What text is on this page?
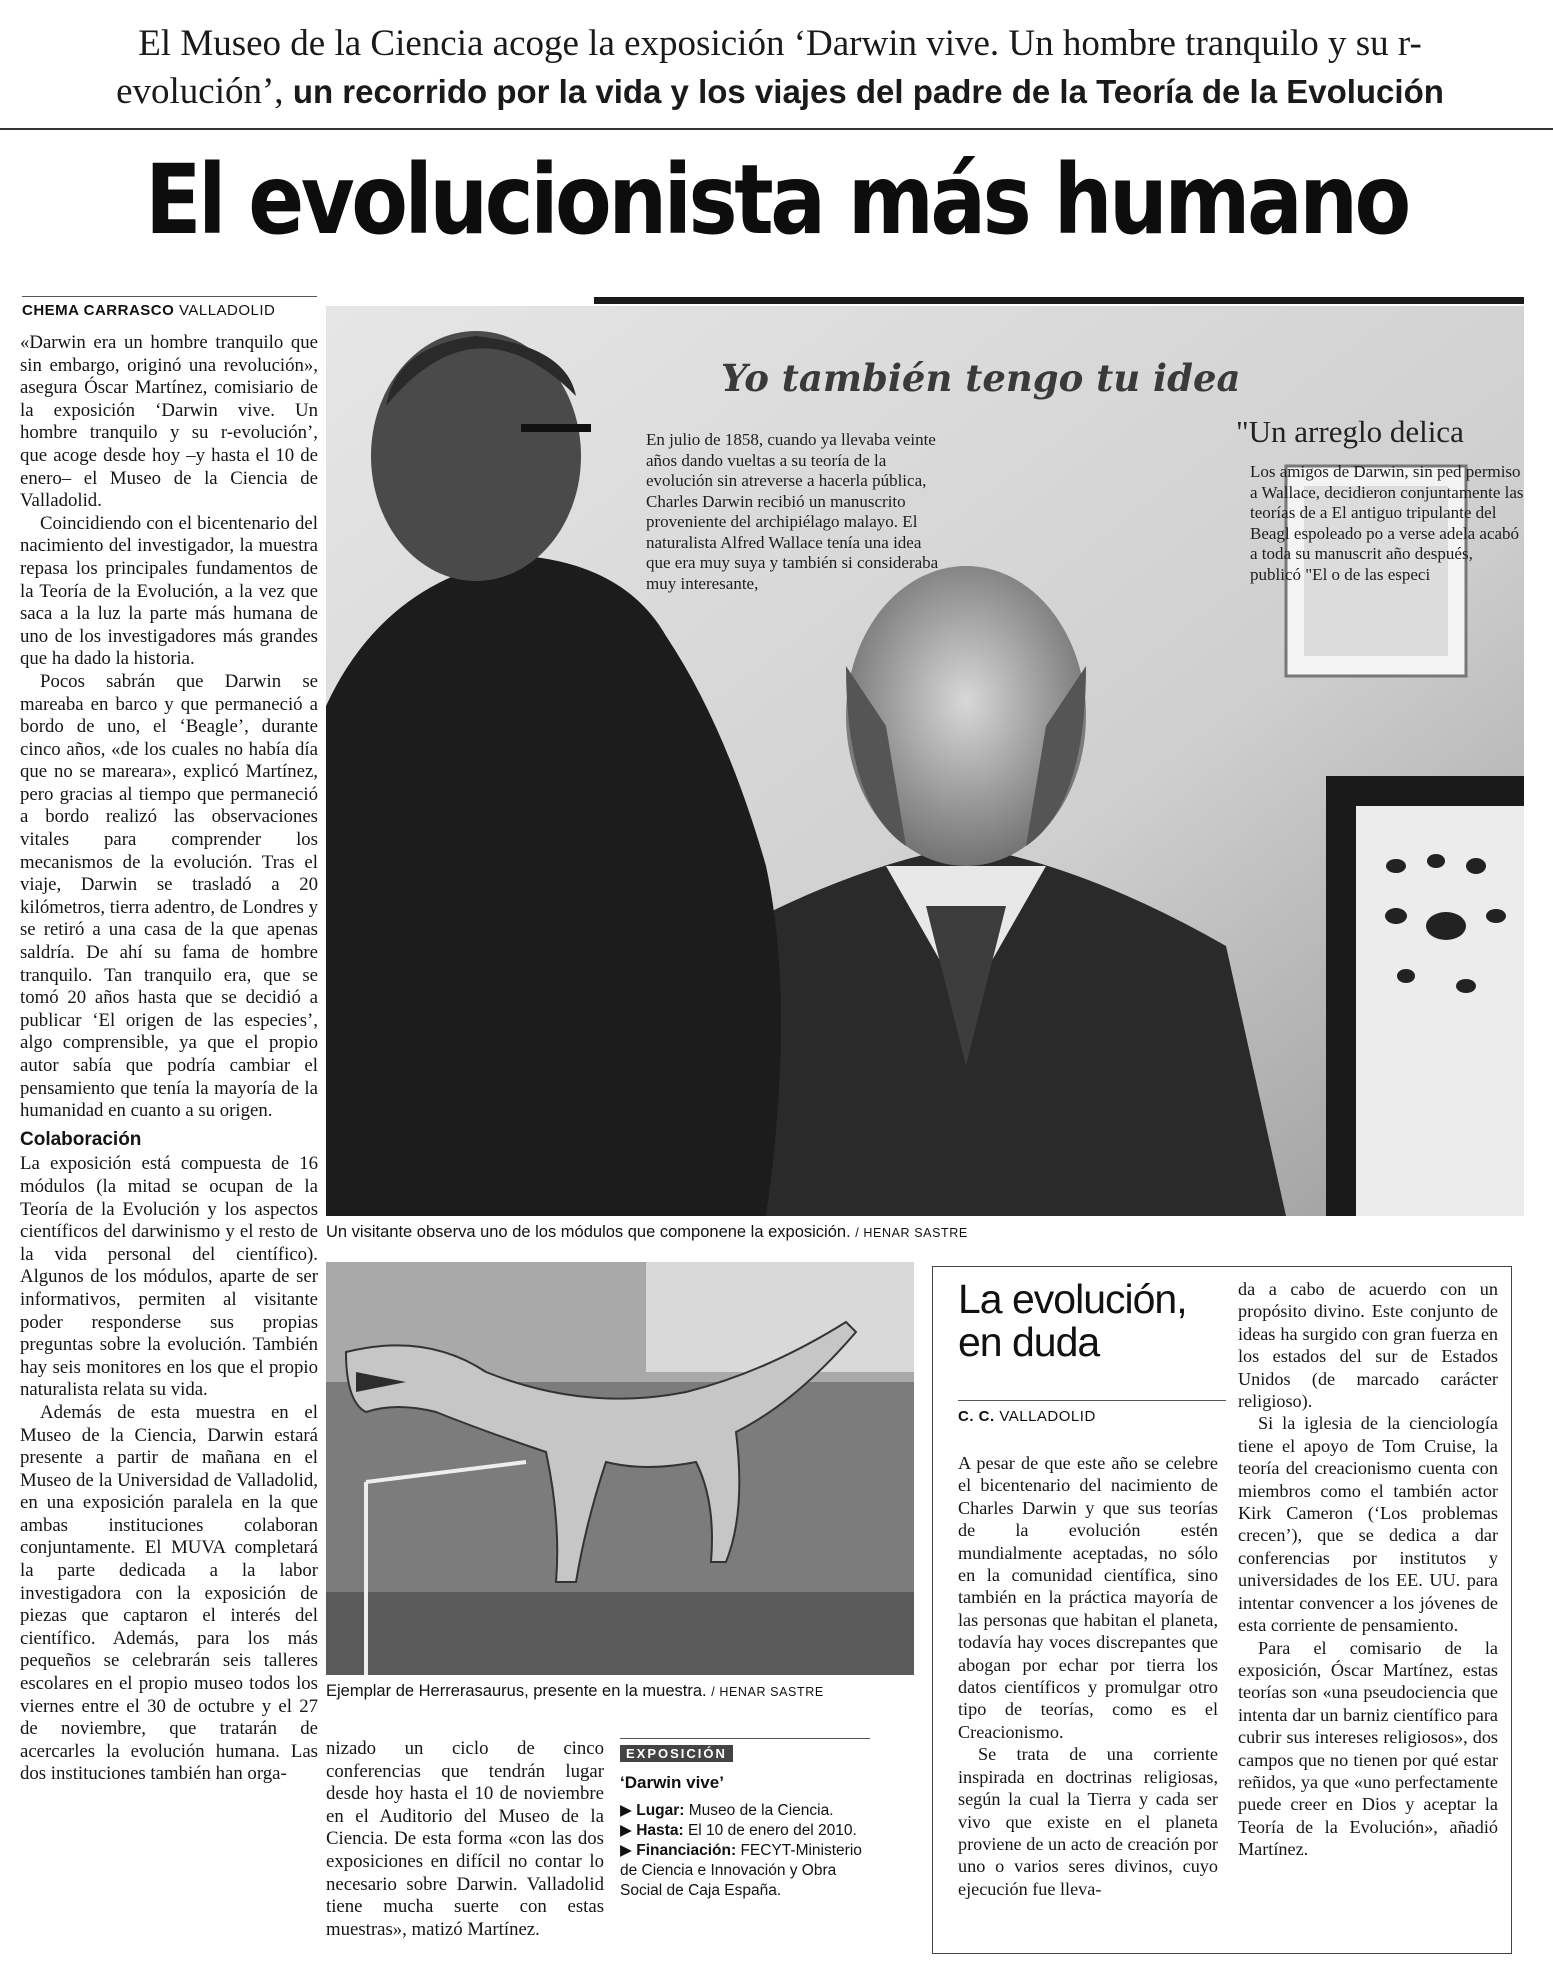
El Museo de la Ciencia acoge la exposición ‘Darwin vive. Un hombre tranquilo y su r-evolución’, un recorrido por la vida y los viajes del padre de la Teoría de la Evolución
El evolucionista más humano
CHEMA CARRASCO VALLADOLID

«Darwin era un hombre tranquilo que sin embargo, originó una revolución», asegura Óscar Martínez, comisiario de la exposición ‘Darwin vive. Un hombre tranquilo y su r-evolución’, que acoge desde hoy –y hasta el 10 de enero– el Museo de la Ciencia de Valladolid.

Coincidiendo con el bicentenario del nacimiento del investigador, la muestra repasa los principales fundamentos de la Teoría de la Evolución, a la vez que saca a la luz la parte más humana de uno de los investigadores más grandes que ha dado la historia.

Pocos sabrán que Darwin se mareaba en barco y que permaneció a bordo de uno, el ‘Beagle’, durante cinco años, «de los cuales no había día que no se mareara», explicó Martínez, pero gracias al tiempo que permaneció a bordo realizó las observaciones vitales para comprender los mecanismos de la evolución. Tras el viaje, Darwin se trasladó a 20 kilómetros, tierra adentro, de Londres y se retiró a una casa de la que apenas saldría. De ahí su fama de hombre tranquilo. Tan tranquilo era, que se tomó 20 años hasta que se decidió a publicar ‘El origen de las especies’, algo comprensible, ya que el propio autor sabía que podría cambiar el pensamiento que tenía la mayoría de la humanidad en cuanto a su origen.

Colaboración

La exposición está compuesta de 16 módulos (la mitad se ocupan de la Teoría de la Evolución y los aspectos científicos del darwinismo y el resto de la vida personal del científico). Algunos de los módulos, aparte de ser informativos, permiten al visitante poder responderse sus propias preguntas sobre la evolución. También hay seis monitores en los que el propio naturalista relata su vida.

Además de esta muestra en el Museo de la Ciencia, Darwin estará presente a partir de mañana en el Museo de la Universidad de Valladolid, en una exposición paralela en la que ambas instituciones colaboran conjuntamente. El MUVA completará la parte dedicada a la labor investigadora con la exposición de piezas que captaron el interés del científico. Además, para los más pequeños se celebrarán seis talleres escolares en el propio museo todos los viernes entre el 30 de octubre y el 27 de noviembre, que tratarán de acercarles la evolución humana. Las dos instituciones también han orga-

Yo también tengo tu idea
En julio de 1858, cuando ya llevaba veinte años dando vueltas a su teoría de la evolución sin atreverse a hacerla pública, Charles Darwin recibió un manuscrito proveniente del archipiélago malayo. El naturalista Alfred Wallace tenía una idea que era muy suya y también si consideraba muy interesante,
"Un arreglo delica
Los amigos de Darwin, sin ped permiso a Wallace, decidieron conjuntamente las teorías de a El antiguo tripulante del Beagl espoleado po a verse adela acabó a toda su manuscrit año después, publicó "El o de las especi
Un visitante observa uno de los módulos que componene la exposición. / HENAR SASTRE
Ejemplar de Herrerasaurus, presente en la muestra. / HENAR SASTRE

nizado un ciclo de cinco conferencias que tendrán lugar desde hoy hasta el 10 de noviembre en el Auditorio del Museo de la Ciencia. De esta forma «con las dos exposiciones en difícil no contar lo necesario sobre Darwin. Valladolid tiene mucha suerte con estas muestras», matizó Martínez.

EXPOSICIÓN
‘Darwin vive’
▶ Lugar: Museo de la Ciencia.
▶ Hasta: El 10 de enero del 2010.
▶ Financiación: FECYT-Ministerio de Ciencia e Innovación y Obra Social de Caja España.
La evolución, en duda
C. C. VALLADOLID

A pesar de que este año se celebre el bicentenario del nacimiento de Charles Darwin y que sus teorías de la evolución estén mundialmente aceptadas, no sólo en la comunidad científica, sino también en la práctica mayoría de las personas que habitan el planeta, todavía hay voces discrepantes que abogan por echar por tierra los datos científicos y promulgar otro tipo de teorías, como es el Creacionismo.

Se trata de una corriente inspirada en doctrinas religiosas, según la cual la Tierra y cada ser vivo que existe en el planeta proviene de un acto de creación por uno o varios seres divinos, cuyo ejecución fue lleva-

da a cabo de acuerdo con un propósito divino. Este conjunto de ideas ha surgido con gran fuerza en los estados del sur de Estados Unidos (de marcado carácter religioso).

Si la iglesia de la cienciología tiene el apoyo de Tom Cruise, la teoría del creacionismo cuenta con miembros como el también actor Kirk Cameron (‘Los problemas crecen’), que se dedica a dar conferencias por institutos y universidades de los EE. UU. para intentar convencer a los jóvenes de esta corriente de pensamiento.

Para el comisario de la exposición, Óscar Martínez, estas teorías son «una pseudociencia que intenta dar un barniz científico para cubrir sus intereses religiosos», dos campos que no tienen por qué estar reñidos, ya que «uno perfectamente puede creer en Dios y aceptar la Teoría de la Evolución», añadió Martínez.
